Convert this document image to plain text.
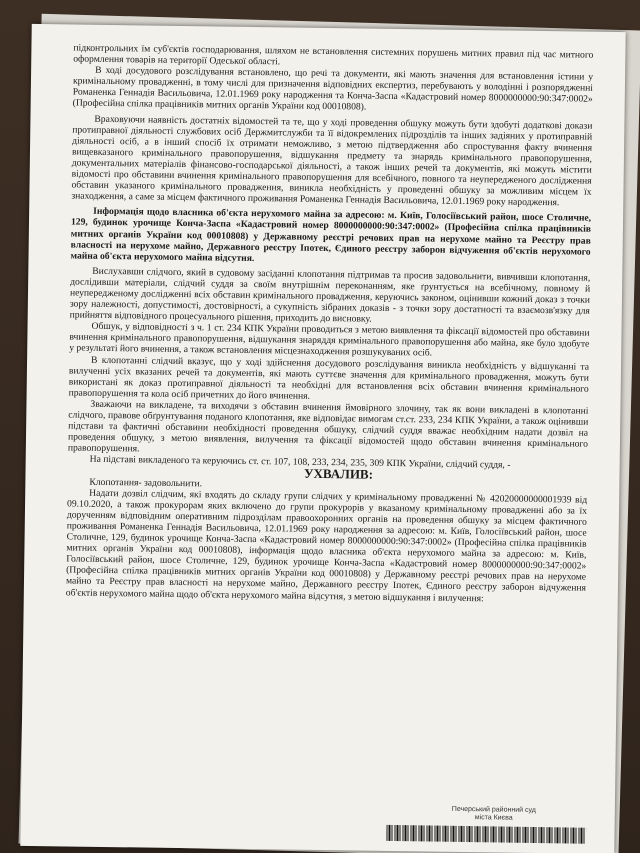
підконтрольних їм суб'єктів господарювання, шляхом не встановлення системних порушень митних правил під час митного оформлення товарів на території Одеської області.

В ході досудового розслідування встановлено, що речі та документи, які мають значення для встановлення істини у кримінальному провадженні, в тому числі для призначення відповідних експертиз, перебувають у володінні і розпорядженні Романенка Геннадія Васильовича, 12.01.1969 року народження та Конча-Заспа «Кадастровий номер 8000000000:90:347:0002» (Професійна спілка працівників митних органів України код 00010808).

Враховуючи наявність достатніх відомостей та те, що у ході проведення обшуку можуть бути здобуті додаткові докази протиправної діяльності службових осіб Держмитслужби та її відокремлених підрозділів та інших задіяних у протиправній діяльності осіб, а в інший спосіб їх отримати неможливо, з метою підтвердження або спростування факту вчинення вищевказаного кримінального правопорушення, відшукання предмету та знарядь кримінального правопорушення, документальних матеріалів фінансово-господарської діяльності, а також інших речей та документів, які можуть містити відомості про обставини вчинення кримінального правопорушення для всебічного, повного та неупередженого дослідження обставин указаного кримінального провадження, виникла необхідність у проведенні обшуку за можливим місцем їх знаходження, а саме за місцем фактичного проживання Романенка Геннадія Васильовича, 12.01.1969 року народження.

Інформація щодо власника об'єкта нерухомого майна за адресою: м. Київ, Голосіївський район, шосе Столичне, 129, будинок урочище Конча-Заспа «Кадастровий номер 8000000000:90:347:0002» (Професійна спілка працівників митних органів України код 00010808) у Державному реєстрі речових прав на нерухоме майно та Реєстру прав власності на нерухоме майно, Державного реєстру Іпотек, Єдиного реєстру заборон відчуження об'єктів нерухомого майна об'єкта нерухомого майна відсутня.

Вислухавши слідчого, який в судовому засіданні клопотання підтримав та просив задовольнити, вивчивши клопотання, дослідивши матеріали, слідчий суддя за своїм внутрішнім переконанням, яке ґрунтується на всебічному, повному й неупередженому дослідженні всіх обставин кримінального провадження, керуючись законом, оцінивши кожний доказ з точки зору належності, допустимості, достовірності, а сукупність зібраних доказів - з точки зору достатності та взаємозв'язку для прийняття відповідного процесуального рішення, приходить до висновку.

Обшук, у відповідності з ч. 1 ст. 234 КПК України проводиться з метою виявлення та фіксації відомостей про обставини вчинення кримінального правопорушення, відшукання знаряддя кримінального правопорушення або майна, яке було здобуте у результаті його вчинення, а також встановлення місцезнаходження розшукуваних осіб.

В клопотанні слідчий вказує, що у ході здійснення досудового розслідування виникла необхідність у відшуканні та вилученні усіх вказаних речей та документів, які мають суттєве значення для кримінального провадження, можуть бути використані як доказ протиправної діяльності та необхідні для встановлення всіх обставин вчинення кримінального правопорушення та кола осіб причетних до його вчинення.

Зважаючи на викладене, та виходячи з обставин вчинення ймовірного злочину, так як вони викладені в клопотанні слідчого, правове обґрунтування поданого клопотання, яке відповідає вимогам ст.ст. 233, 234 КПК України, а також оцінивши підстави та фактичні обставини необхідності проведення обшуку, слідчий суддя вважає необхідним надати дозвіл на проведення обшуку, з метою виявлення, вилучення та фіксації відомостей щодо обставин вчинення кримінального правопорушення.

На підставі викладеного та керуючись ст. ст. 107, 108, 233, 234, 235, 309 КПК України, слідчий суддя, -

УХВАЛИВ:

Клопотання- задовольнити.

Надати дозвіл слідчим, які входять до складу групи слідчих у кримінальному провадженні № 42020000000001939 від 09.10.2020, а також прокурорам яких включено до групи прокурорів у вказаному кримінальному провадженні або за їх дорученням відповідним оперативним підрозділам правоохоронних органів на проведення обшуку за місцем фактичного проживання Романенка Геннадія Васильовича, 12.01.1969 року народження за адресою: м. Київ, Голосіївський район, шосе Столичне, 129, будинок урочище Конча-Заспа «Кадастровий номер 8000000000:90:347:0002» (Професійна спілка працівників митних органів України код 00010808), інформація щодо власника об'єкта нерухомого майна за адресою: м. Київ, Голосіївський район, шосе Столичне, 129, будинок урочище Конча-Заспа «Кадастровий номер 8000000000:90:347:0002» (Професійна спілка працівників митних органів України код 00010808) у Державному реєстрі речових прав на нерухоме майно та Реєстру прав власності на нерухоме майно, Державного реєстру Іпотек, Єдиного реєстру заборон відчуження об'єктів нерухомого майна щодо об'єкта нерухомого майна відсутня, з метою відшукання і вилучення:

Печерський районний суд
міста Києва
